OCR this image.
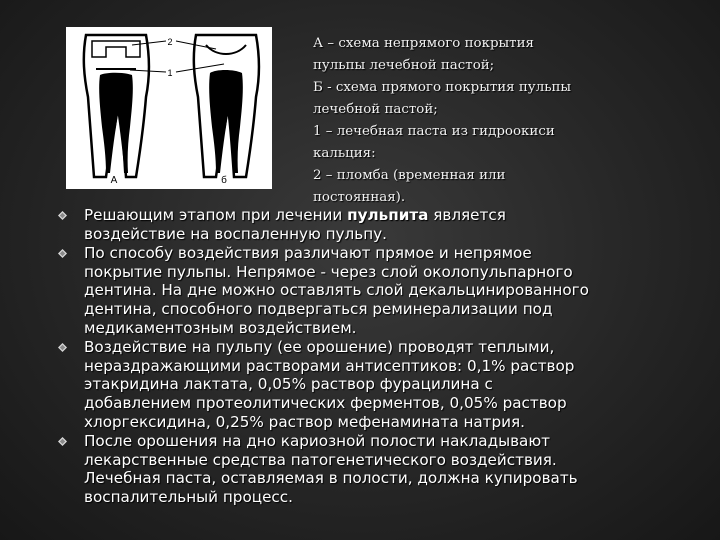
2
1
А	б
А – схема непрямого покрытия
пульпы лечебной пастой;
Б - схема прямого покрытия пульпы
лечебной пастой;
1 – лечебная паста из гидроокиси
кальция:
2 – пломба (временная или
постоянная).
Решающим этапом при лечении пульпита является
воздействие на воспаленную пульпу.
По способу воздействия различают прямое и непрямое
покрытие пульпы. Непрямое - через слой околопульпарного
дентина. На дне можно оставлять слой декальцинированного
дентина, способного подвергаться реминерализации под
медикаментозным воздействием.
Воздействие на пульпу (ее орошение) проводят теплыми,
нераздражающими растворами антисептиков: 0,1% раствор
этакридина лактата, 0,05% раствор фурацилина с
добавлением протеолитических ферментов, 0,05% раствор
хлоргексидина, 0,25% раствор мефенамината натрия.
После орошения на дно кариозной полости накладывают
лекарственные средства патогенетического воздействия.
Лечебная паста, оставляемая в полости, должна купировать
воспалительный процесс.
